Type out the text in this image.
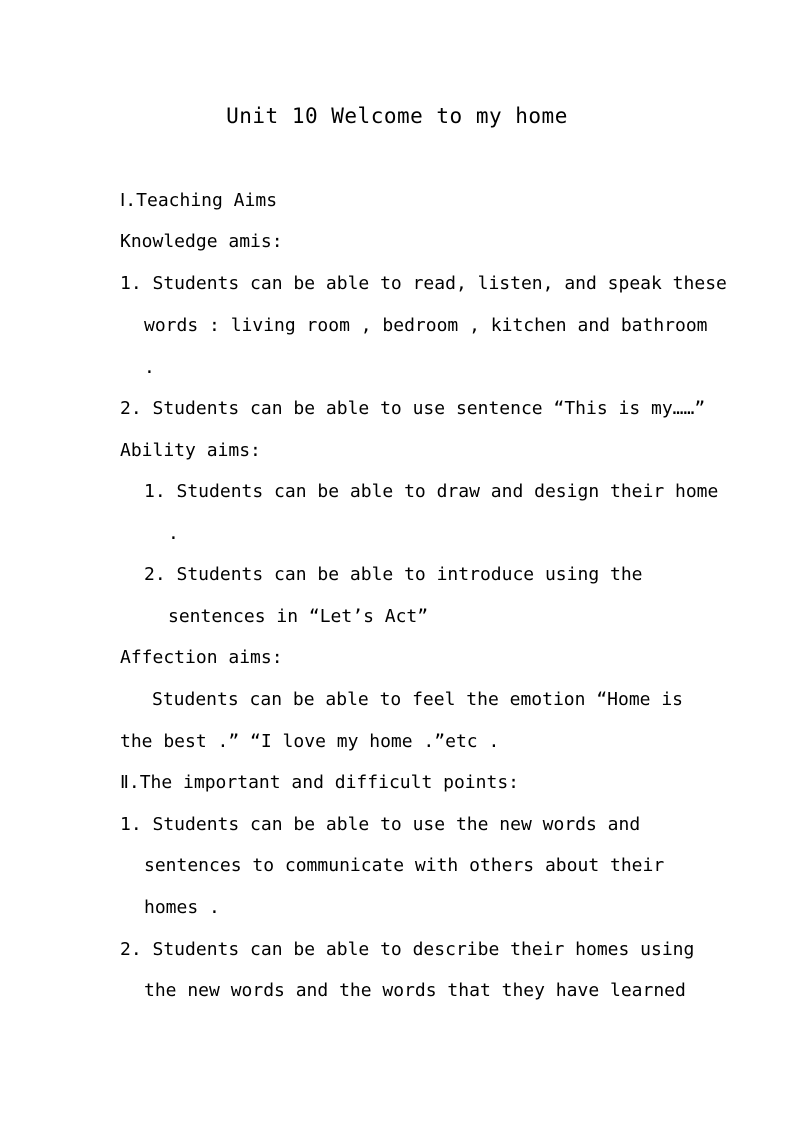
Unit 10 Welcome to my home
Ⅰ.Teaching Aims
Knowledge amis:
1. Students can be able to read, listen, and speak these
words : living room , bedroom , kitchen and bathroom
.
2. Students can be able to use sentence “This is my……”
Ability aims:
1. Students can be able to draw and design their home
.
2. Students can be able to introduce using the
sentences in “Let’s Act”
Affection aims:
Students can be able to feel the emotion “Home is
the best .” “I love my home .”etc .
Ⅱ.The important and difficult points:
1. Students can be able to use the new words and
sentences to communicate with others about their
homes .
2. Students can be able to describe their homes using
the new words and the words that they have learned
